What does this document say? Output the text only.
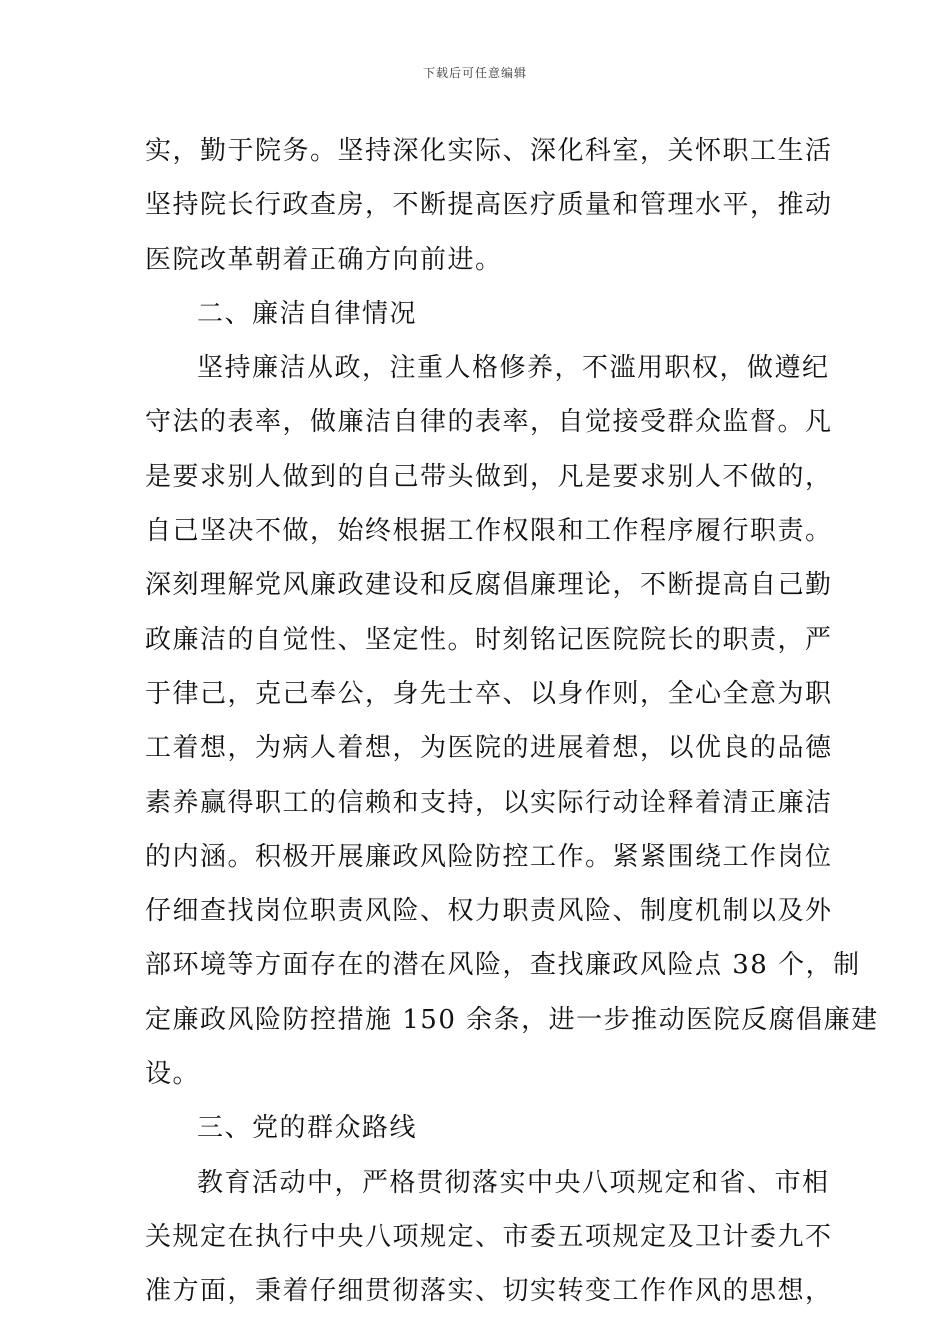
下载后可任意编辑
实，勤于院务。坚持深化实际、深化科室，关怀职工生活
坚持院长行政查房，不断提高医疗质量和管理水平，推动
医院改革朝着正确方向前进。
二、廉洁自律情况
坚持廉洁从政，注重人格修养，不滥用职权，做遵纪
守法的表率，做廉洁自律的表率，自觉接受群众监督。凡
是要求别人做到的自己带头做到，凡是要求别人不做的，
自己坚决不做，始终根据工作权限和工作程序履行职责。
深刻理解党风廉政建设和反腐倡廉理论，不断提高自己勤
政廉洁的自觉性、坚定性。时刻铭记医院院长的职责，严
于律己，克己奉公，身先士卒、以身作则，全心全意为职
工着想，为病人着想，为医院的进展着想，以优良的品德
素养赢得职工的信赖和支持，以实际行动诠释着清正廉洁
的内涵。积极开展廉政风险防控工作。紧紧围绕工作岗位
仔细查找岗位职责风险、权力职责风险、制度机制以及外
部环境等方面存在的潜在风险，查找廉政风险点 38 个，制
定廉政风险防控措施 150 余条，进一步推动医院反腐倡廉建
设。
三、党的群众路线
教育活动中，严格贯彻落实中央八项规定和省、市相
关规定在执行中央八项规定、市委五项规定及卫计委九不
准方面，秉着仔细贯彻落实、切实转变工作作风的思想，
